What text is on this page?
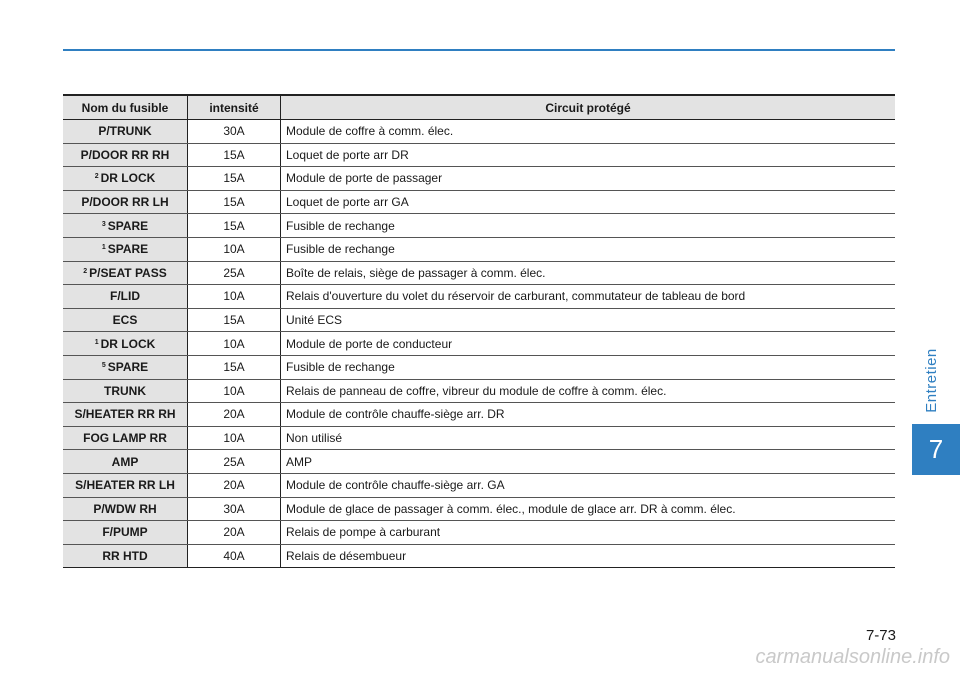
Nom du fusible	intensité	Circuit protégé
P/TRUNK	30A	Module de coffre à comm. élec.
P/DOOR RR RH	15A	Loquet de porte arr DR
$^2$ DR LOCK	15A	Module de porte de passager
P/DOOR RR LH	15A	Loquet de porte arr GA
$^3$ SPARE	15A	Fusible de rechange
$^1$ SPARE	10A	Fusible de rechange
$^2$ P/SEAT PASS	25A	Boîte de relais, siège de passager à comm. élec.
F/LID	10A	Relais d'ouverture du volet du réservoir de carburant, commutateur de tableau de bord
ECS	15A	Unité ECS
$^1$ DR LOCK	10A	Module de porte de conducteur
$^5$ SPARE	15A	Fusible de rechange
TRUNK	10A	Relais de panneau de coffre, vibreur du module de coffre à comm. élec.
S/HEATER RR RH	20A	Module de contrôle chauffe-siège arr. DR
FOG LAMP RR	10A	Non utilisé
AMP	25A	AMP
S/HEATER RR LH	20A	Module de contrôle chauffe-siège arr. GA
P/WDW RH	30A	Module de glace de passager à comm. élec., module de glace arr. DR à comm. élec.
F/PUMP	20A	Relais de pompe à carburant
RR HTD	40A	Relais de désembueur
Entretien
7
7-73
carmanualsonline.info
